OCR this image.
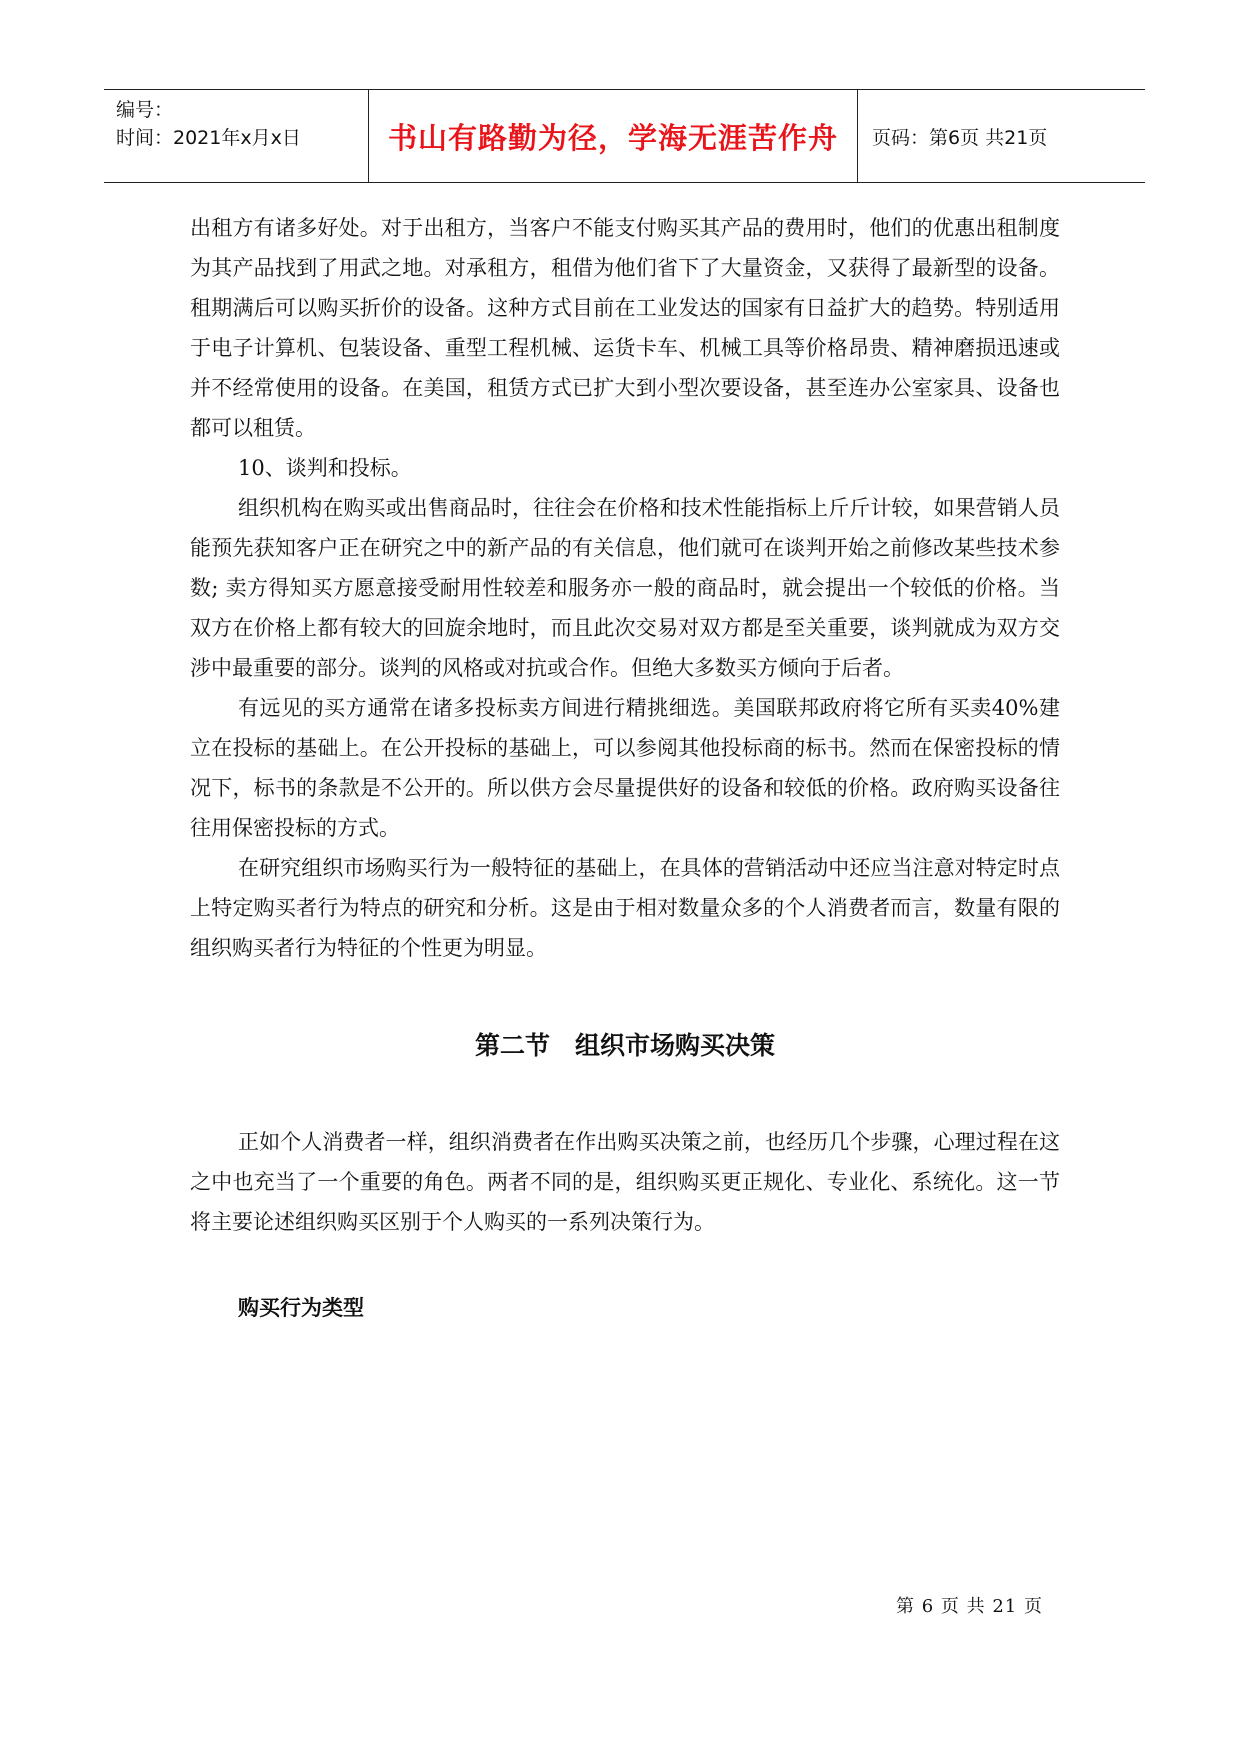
编号：
时间：2021年x月x日	书山有路勤为径，学海无涯苦作舟	页码：第6页 共21页

出租方有诸多好处。对于出租方，当客户不能支付购买其产品的费用时，他们的优惠出租制度为其产品找到了用武之地。对承租方，租借为他们省下了大量资金，又获得了最新型的设备。租期满后可以购买折价的设备。这种方式目前在工业发达的国家有日益扩大的趋势。特别适用于电子计算机、包装设备、重型工程机械、运货卡车、机械工具等价格昂贵、精神磨损迅速或并不经常使用的设备。在美国，租赁方式已扩大到小型次要设备，甚至连办公室家具、设备也都可以租赁。

10、谈判和投标。

组织机构在购买或出售商品时，往往会在价格和技术性能指标上斤斤计较，如果营销人员能预先获知客户正在研究之中的新产品的有关信息，他们就可在谈判开始之前修改某些技术参数; 卖方得知买方愿意接受耐用性较差和服务亦一般的商品时，就会提出一个较低的价格。当双方在价格上都有较大的回旋余地时，而且此次交易对双方都是至关重要，谈判就成为双方交涉中最重要的部分。谈判的风格或对抗或合作。但绝大多数买方倾向于后者。

有远见的买方通常在诸多投标卖方间进行精挑细选。美国联邦政府将它所有买卖40%建立在投标的基础上。在公开投标的基础上，可以参阅其他投标商的标书。然而在保密投标的情况下，标书的条款是不公开的。所以供方会尽量提供好的设备和较低的价格。政府购买设备往往用保密投标的方式。

在研究组织市场购买行为一般特征的基础上，在具体的营销活动中还应当注意对特定时点上特定购买者行为特点的研究和分析。这是由于相对数量众多的个人消费者而言，数量有限的组织购买者行为特征的个性更为明显。

第二节　组织市场购买决策

正如个人消费者一样，组织消费者在作出购买决策之前，也经历几个步骤，心理过程在这之中也充当了一个重要的角色。两者不同的是，组织购买更正规化、专业化、系统化。这一节将主要论述组织购买区别于个人购买的一系列决策行为。

购买行为类型

第 6 页 共 21 页
